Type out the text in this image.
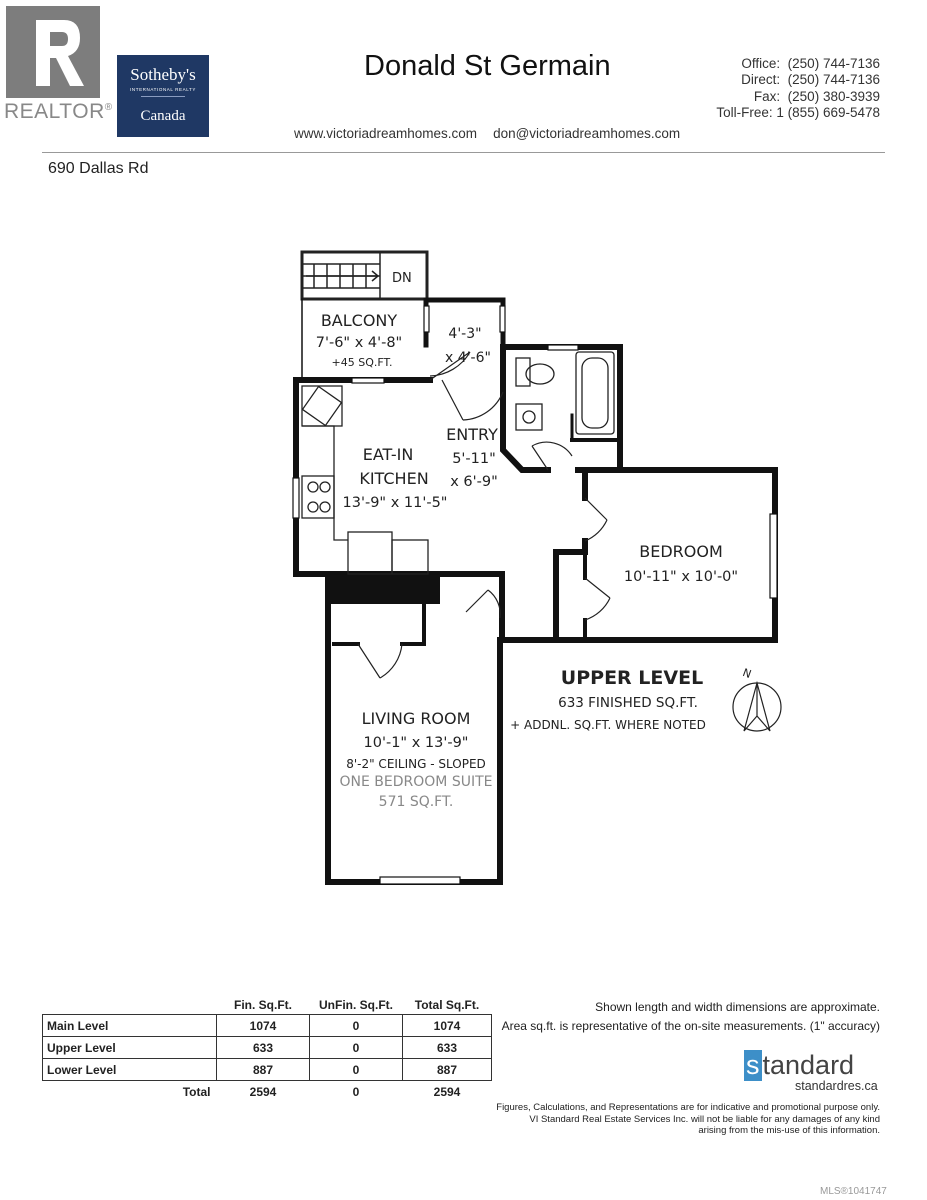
REALTOR®
Sotheby's
INTERNATIONAL REALTY
Canada
Donald St Germain	Office: (250) 744-7136
Direct: (250) 744-7136
Fax: (250) 380-3939
Toll-Free: 1 (855) 669-5478
www.victoriadreamhomes.com don@victoriadreamhomes.com
690 Dallas Rd
DN
BALCONY
7'-6" x 4'-8"
+45 SQ.FT.
4'-3"
x 4'-6"
ENTRY
5'-11"
x 6'-9"
EAT-IN
KITCHEN
13'-9" x 11'-5"
BEDROOM
10'-11" x 10'-0"
LIVING ROOM
10'-1" x 13'-9"
8'-2" CEILING - SLOPED
ONE BEDROOM SUITE
571 SQ.FT.
UPPER LEVEL
633 FINISHED SQ.FT.
+ ADDNL. SQ.FT. WHERE NOTED
N
	Fin. Sq.Ft.	UnFin. Sq.Ft.	Total Sq.Ft.
Main Level	1074	0	1074
Upper Level	633	0	633
Lower Level	887	0	887
Total	2594	0	2594
Shown length and width dimensions are approximate.
Area sq.ft. is representative of the on-site measurements. (1" accuracy)
s tandard
standardres.ca
Figures, Calculations, and Representations are for indicative and promotional purpose only.
VI Standard Real Estate Services Inc. will not be liable for any damages of any kind
arising from the mis-use of this information.
MLS®1041747
